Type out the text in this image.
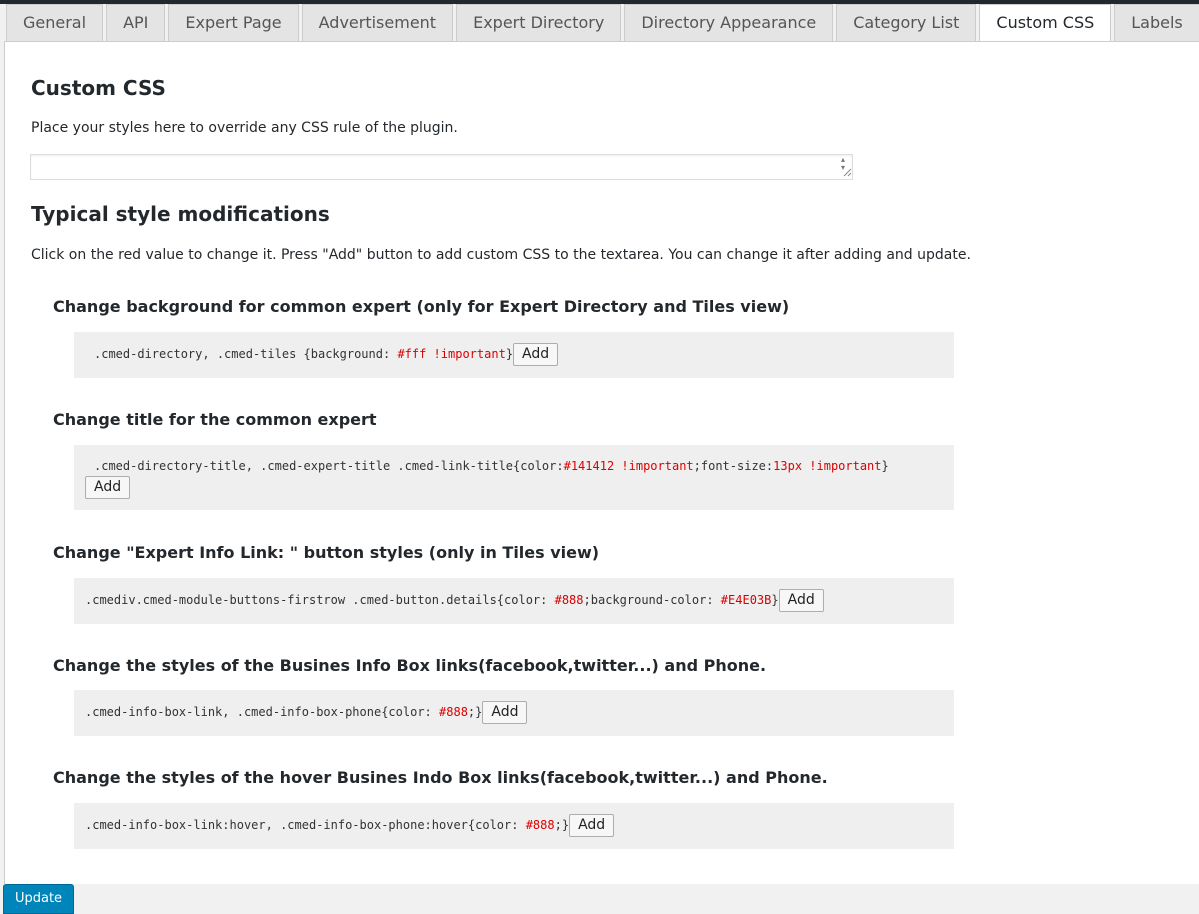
General	API	Expert Page	Advertisement	Expert Directory	Directory Appearance	Category List	Custom CSS	Labels
Custom CSS
Place your styles here to override any CSS rule of the plugin.
▴
▾
Typical style modifications
Click on the red value to change it. Press "Add" button to add custom CSS to the textarea. You can change it after adding and update.
Change background for common expert (only for Expert Directory and Tiles view)
.cmed-directory, .cmed-tiles {background: #fff !important} Add
Change title for the common expert
.cmed-directory-title, .cmed-expert-title .cmed-link-title{color:#141412 !important;font-size:13px !important}
Add
Change "Expert Info Link: " button styles (only in Tiles view)
.cmediv.cmed-module-buttons-firstrow .cmed-button.details{color: #888;background-color: #E4E03B} Add
Change the styles of the Busines Info Box links(facebook,twitter...) and Phone.
.cmed-info-box-link, .cmed-info-box-phone{color: #888;} Add
Change the styles of the hover Busines Indo Box links(facebook,twitter...) and Phone.
.cmed-info-box-link:hover, .cmed-info-box-phone:hover{color: #888;} Add
Update
